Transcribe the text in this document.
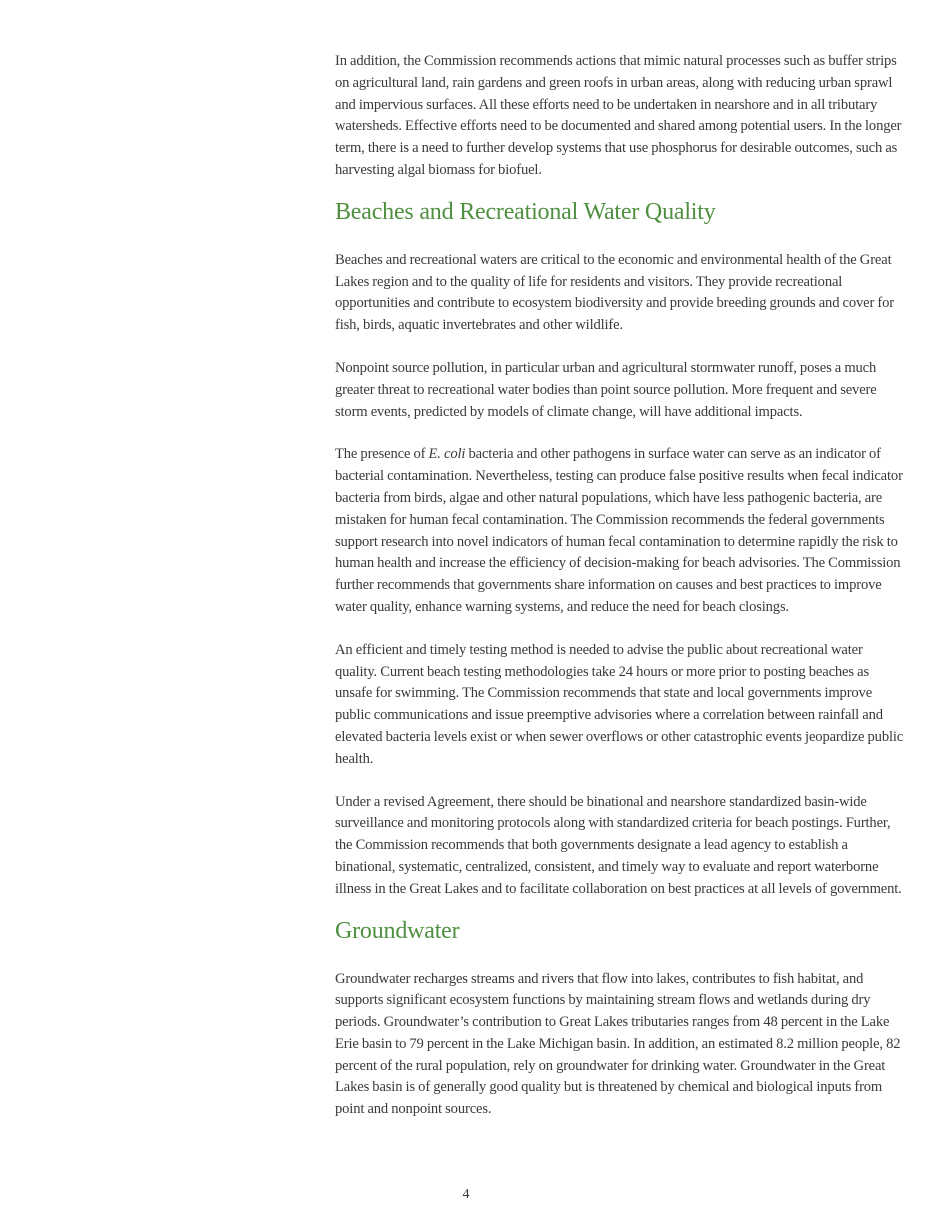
In addition, the Commission recommends actions that mimic natural processes such as buffer strips on agricultural land, rain gardens and green roofs in urban areas, along with reducing urban sprawl and impervious surfaces. All these efforts need to be undertaken in nearshore and in all tributary watersheds. Effective efforts need to be documented and shared among potential users. In the longer term, there is a need to further develop systems that use phosphorus for desirable outcomes, such as harvesting algal biomass for biofuel.

Beaches and Recreational Water Quality

Beaches and recreational waters are critical to the economic and environmental health of the Great Lakes region and to the quality of life for residents and visitors. They provide recreational opportunities and contribute to ecosystem biodiversity and provide breeding grounds and cover for fish, birds, aquatic invertebrates and other wildlife.

Nonpoint source pollution, in particular urban and agricultural stormwater runoff, poses a much greater threat to recreational water bodies than point source pollution. More frequent and severe storm events, predicted by models of climate change, will have additional impacts.

The presence of E. coli bacteria and other pathogens in surface water can serve as an indicator of bacterial contamination. Nevertheless, testing can produce false positive results when fecal indicator bacteria from birds, algae and other natural populations, which have less pathogenic bacteria, are mistaken for human fecal contamination. The Commission recommends the federal governments support research into novel indicators of human fecal contamination to determine rapidly the risk to human health and increase the efficiency of decision-making for beach advisories. The Commission further recommends that governments share information on causes and best practices to improve water quality, enhance warning systems, and reduce the need for beach closings.

An efficient and timely testing method is needed to advise the public about recreational water quality. Current beach testing methodologies take 24 hours or more prior to posting beaches as unsafe for swimming. The Commission recommends that state and local governments improve public communications and issue preemptive advisories where a correlation between rainfall and elevated bacteria levels exist or when sewer overflows or other catastrophic events jeopardize public health.

Under a revised Agreement, there should be binational and nearshore standardized basin-wide surveillance and monitoring protocols along with standardized criteria for beach postings. Further, the Commission recommends that both governments designate a lead agency to establish a binational, systematic, centralized, consistent, and timely way to evaluate and report waterborne illness in the Great Lakes and to facilitate collaboration on best practices at all levels of government.

Groundwater

Groundwater recharges streams and rivers that flow into lakes, contributes to fish habitat, and supports significant ecosystem functions by maintaining stream flows and wetlands during dry periods. Groundwater’s contribution to Great Lakes tributaries ranges from 48 percent in the Lake Erie basin to 79 percent in the Lake Michigan basin. In addition, an estimated 8.2 million people, 82 percent of the rural population, rely on groundwater for drinking water. Groundwater in the Great Lakes basin is of generally good quality but is threatened by chemical and biological inputs from point and nonpoint sources.

4
